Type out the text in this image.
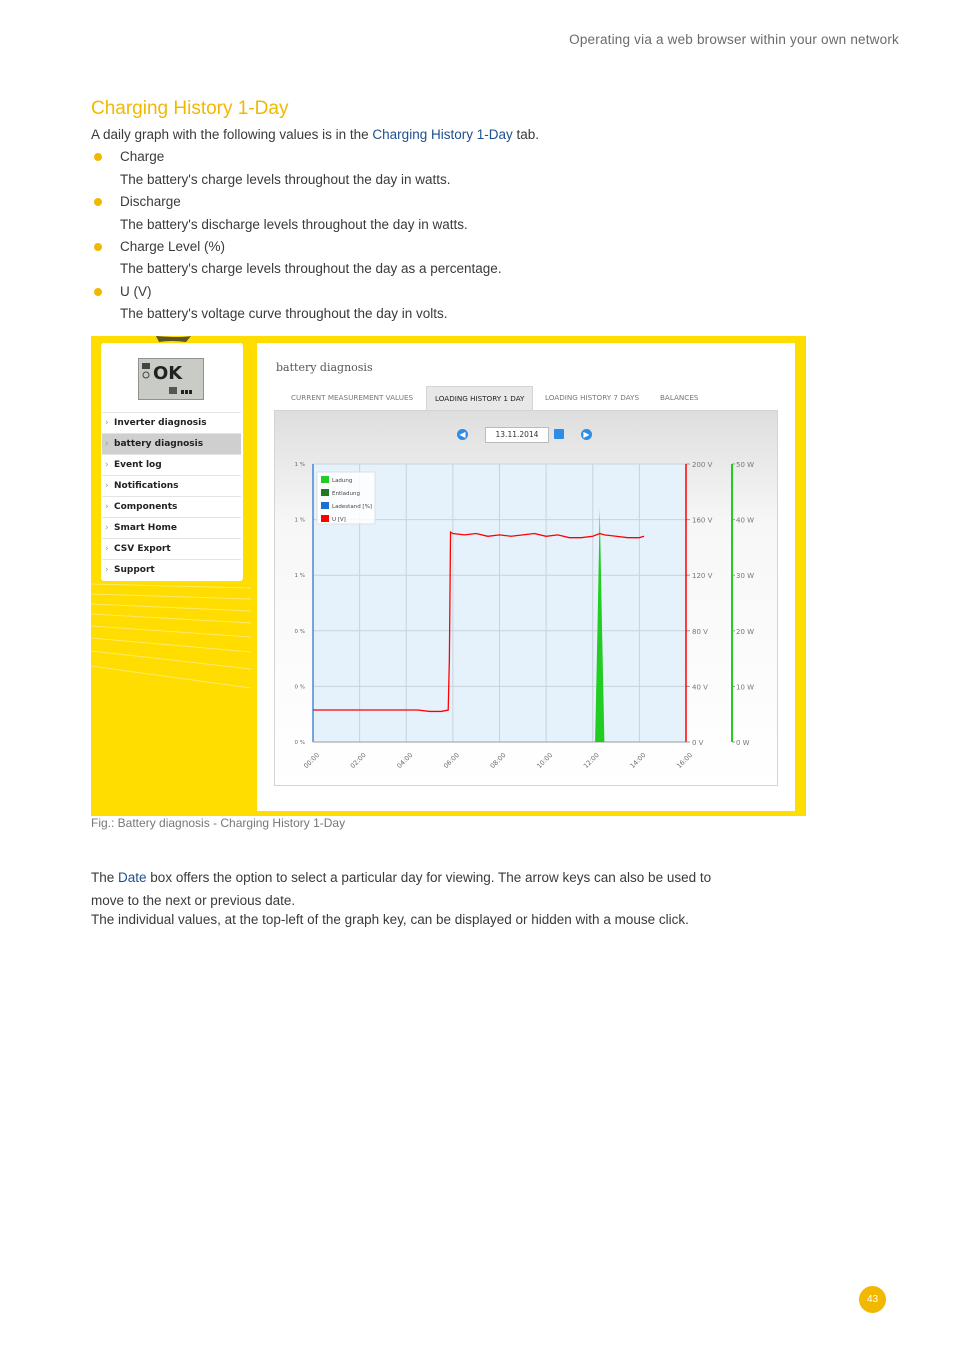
Operating via a web browser within your own network
Charging History 1-Day
A daily graph with the following values is in the Charging History 1-Day tab.
Charge
The battery's charge levels throughout the day in watts.
Discharge
The battery's discharge levels throughout the day in watts.
Charge Level (%)
The battery's charge levels throughout the day as a percentage.
U (V)
The battery's voltage curve throughout the day in volts.
OK
› Inverter diagnosis
› battery diagnosis
› Event log
› Notifications
› Components
› Smart Home
› CSV Export
› Support
battery diagnosis
CURRENT MEASUREMENT VALUES	LOADING HISTORY 1 DAY	LOADING HISTORY 7 DAYS	BALANCES
◀	13.11.2014	▶
0 %	0 V	0 W
0 %	40 V	10 W
0 %	80 V	20 W
1 %	120 V	30 W
1 %	160 V	40 W
1 %	200 V	50 W
00:00	02:00	04:00	06:00	08:00	10:00	12:00	14:00	16:00
Ladung
Entladung
Ladestand [%]
U [V]
Fig.: Battery diagnosis - Charging History 1-Day
The Date box offers the option to select a particular day for viewing. The arrow keys can also be used to
move to the next or previous date.
The individual values, at the top-left of the graph key, can be displayed or hidden with a mouse click.
43
